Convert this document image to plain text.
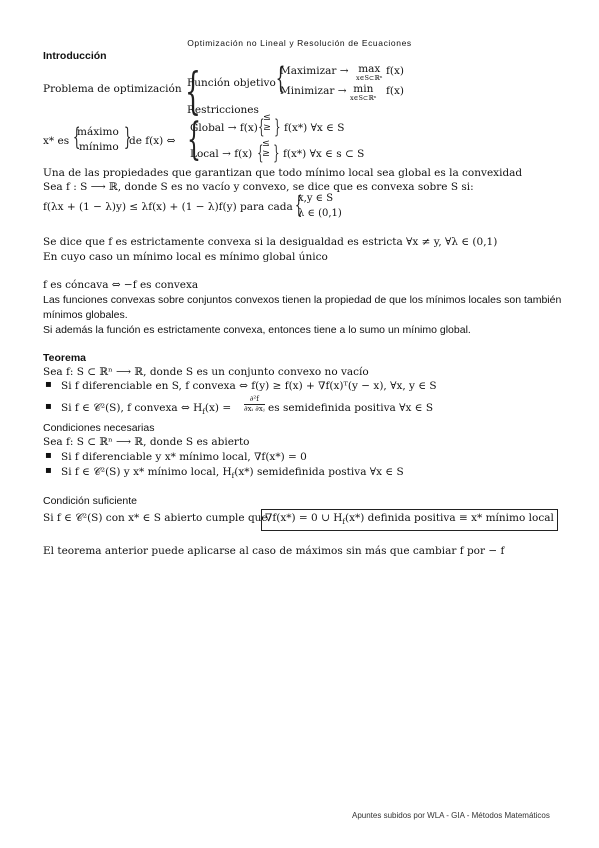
Optimización no Lineal y Resolución de Ecuaciones
Introducción
Problema de optimización {
Función objetivo {
Maximizar → max
x∈S⊂ℝⁿ
f(x)
Minimizar → min
x∈S⊂ℝⁿ
f(x)
Restricciones
x* es {
máximo
mínimo {
de f(x) ⇔ {
Global → f(x) {
≤
≥ { f(x*) ∀x ∈ S
Local → f(x) {
≤
≥ { f(x*) ∀x ∈ s ⊂ S
Una de las propiedades que garantizan que todo mínimo local sea global es la convexidad
Sea f : S ⟶ ℝ, donde S es no vacío y convexo, se dice que es convexa sobre S si:
f(λx + (1 − λ)y) ≤ λf(x) + (1 − λ)f(y) para cada {
x,y ∈ S
λ ∈ (0,1)
Se dice que f es estrictamente convexa si la desigualdad es estricta ∀x ≠ y, ∀λ ∈ (0,1)
En cuyo caso un mínimo local es mínimo global único
f es cóncava ⇔ −f es convexa
Las funciones convexas sobre conjuntos convexos tienen la propiedad de que los mínimos locales son también mínimos globales.
Si además la función es estrictamente convexa, entonces tiene a lo sumo un mínimo global.
Teorema
Sea f: S ⊂ ℝⁿ ⟶ ℝ, donde S es un conjunto convexo no vacío
▪ Si f diferenciable en S, f convexa ⇔ f(y) ≥ f(x) + ∇f(x)ᵀ(y − x), ∀x, y ∈ S
▪ Si f ∈ 𝒞²(S), f convexa ⇔ $H_f(x)$ =
∂²f
∂xᵢ ∂xⱼ es semidefinida positiva ∀x ∈ S
Condiciones necesarias
Sea f: S ⊂ ℝⁿ ⟶ ℝ, donde S es abierto
▪ Si f diferenciable y x* mínimo local, ∇f(x*) = 0
▪ Si f ∈ 𝒞²(S) y x* mínimo local, $H_f(x*)$ semidefinida postiva ∀x ∈ S
Condición suficiente
Si f ∈ 𝒞²(S) con x* ∈ S abierto cumple que
∇f(x*) = 0 ∪ $H_f(x*)$ definida positiva ≡ x* mínimo local
El teorema anterior puede aplicarse al caso de máximos sin más que cambiar f por − f
Apuntes subidos por WLA - GIA - Métodos Matemáticos
